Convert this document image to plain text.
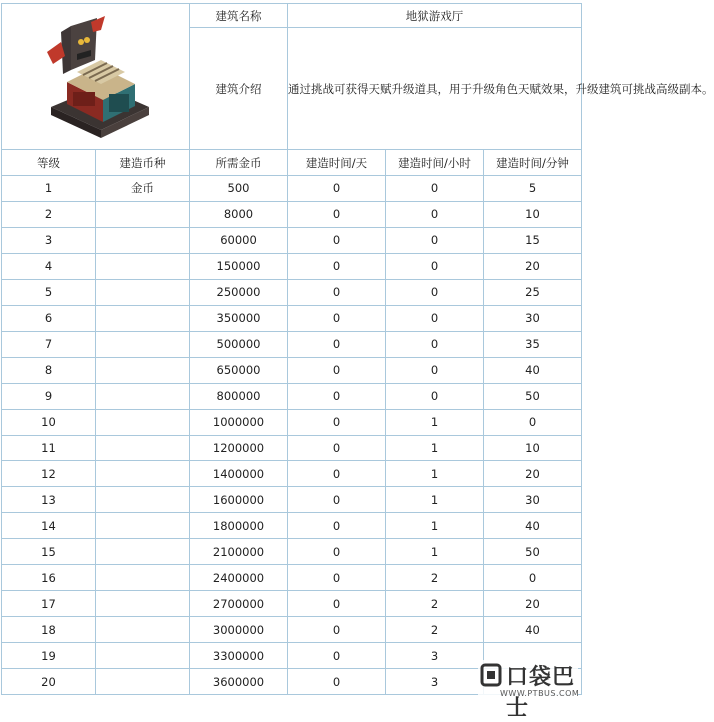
	建筑名称	地狱游戏厅		
		建筑介绍	通过挑战可获得天赋升级道具，用于升级角色天赋效果，升级建筑可挑战高级副本。		
等级	建造币种	所需金币	建造时间/天	建造时间/小时	建造时间/分钟
1	金币	500	0	0	5
2		8000	0	0	10
3		60000	0	0	15
4		150000	0	0	20
5		250000	0	0	25
6		350000	0	0	30
7		500000	0	0	35
8		650000	0	0	40
9		800000	0	0	50
10		1000000	0	1	0
11		1200000	0	1	10
12		1400000	0	1	20
13		1600000	0	1	30
14		1800000	0	1	40
15		2100000	0	1	50
16		2400000	0	2	0
17		2700000	0	2	20
18		3000000	0	2	40
19		3300000	0	3	
20		3600000	0	3		口袋巴士
WWW.PTBUS.COM
